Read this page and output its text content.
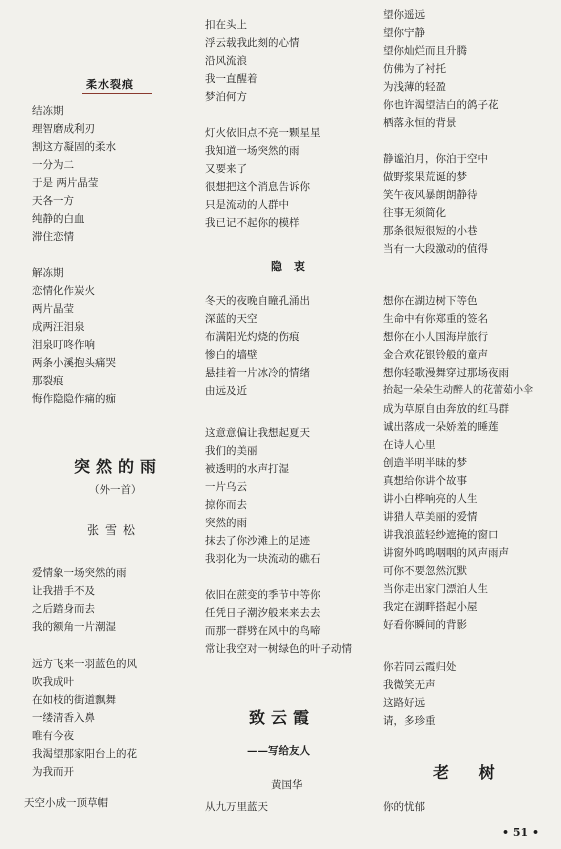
柔水裂痕
结冻期
理智磨成利刃
割这方凝固的柔水
一分为二
于是 两片晶莹
天各一方
纯静的白血
滞住恋情
解冻期
恋情化作炭火
两片晶莹
成两汪泪泉
泪泉叮咚作响
两条小溪抱头痛哭
那裂痕
悔作隐隐作痛的痂
突然的雨
（外一首）
张雪松
爱情象一场突然的雨
让我措手不及
之后踏身而去
我的额角一片潮湿
远方飞来一羽蓝色的风
吹我成叶
在如枝的街道飘舞
一缕清香入鼻
唯有今夜
我渴望那家阳台上的花
为我而开
天空小成一顶草帽
扣在头上
浮云载我此刻的心情
沿风流浪
我一直醒着
梦泊何方
灯火依旧点不亮一颗星星
我知道一场突然的雨
又要来了
很想把这个消息告诉你
只是流动的人群中
我已记不起你的模样
隐 衷
冬天的夜晚自瞳孔涌出
深蓝的天空
布满阳光灼烧的伤痕
惨白的墙壁
悬挂着一片冰冷的情绪
由远及近
这意意偏让我想起夏天
我们的美丽
被透明的水声打湿
一片乌云
掠你而去
突然的雨
抹去了你沙滩上的足迹
我羽化为一块流动的礁石
依旧在蔗变的季节中等你
任凭日子潮汐般来来去去
而那一群劈在风中的鸟啼
常让我空对一树绿色的叶子动情
致云霞
——写给友人
黄国华
从九万里蓝天
望你遥远
望你宁静
望你灿烂而且升腾
仿佛为了衬托
为浅薄的轻盈
你也许渴望洁白的鸽子花
栖落永恒的背景
静谧泊月，你泊于空中
做野浆果荒诞的梦
笑午夜风暴朗朗静待
往事无须简化
那条很短很短的小巷
当有一大段激动的值得
想你在湖边树下等色
生命中有你郑重的签名
想你在小人国海岸旅行
金合欢花银铃般的童声
想你轻歌漫舞穿过那场夜雨
抬起一朵朵生动醉人的花蕾茹小伞
成为草原自由奔放的红马群
诚出落成一朵娇羞的睡莲
在诗人心里
创造半明半昧的梦
真想给你讲个故事
讲小白桦响亮的人生
讲猎人草美丽的爱情
讲我浪蓝轻纱遮掩的窗口
讲窗外鸣鸣咽咽的风声雨声
可你不要忽然沉默
当你走出家门漂泊人生
我定在湖畔搭起小屋
好看你瞬间的背影
你若同云霞归处
我微笑无声
这路好远
请，多珍重
老 树
你的忧郁
• 51 •
